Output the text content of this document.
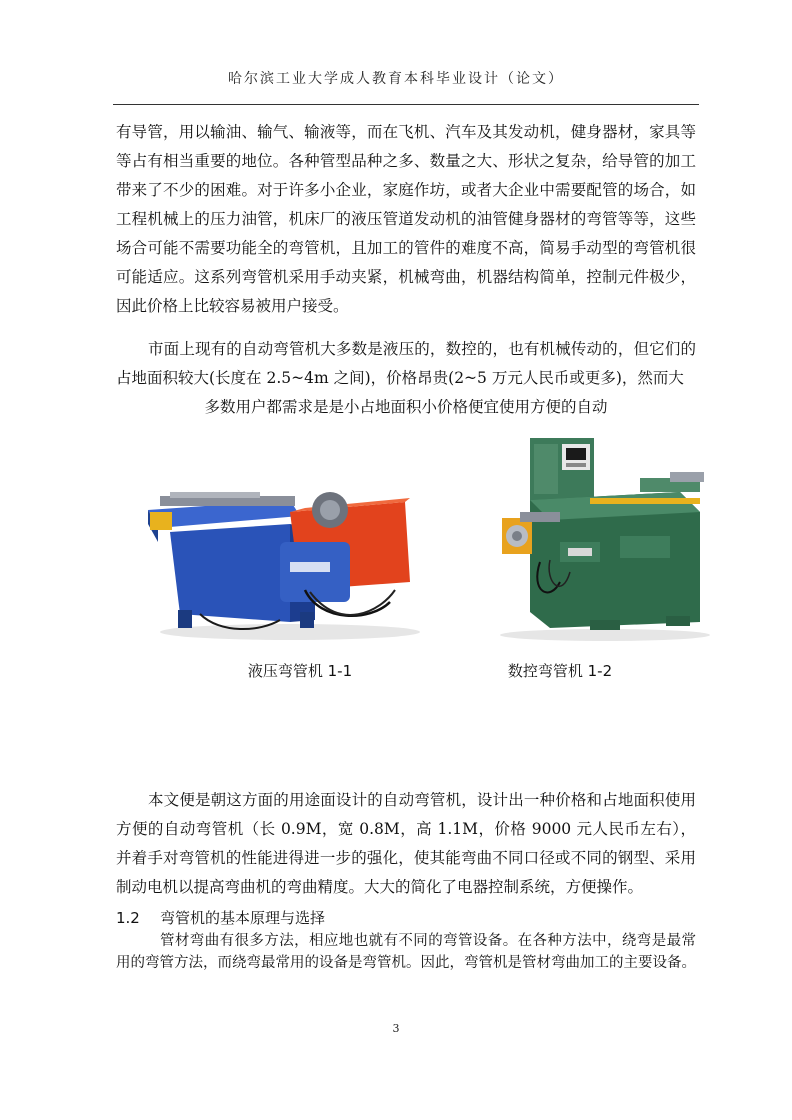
哈尔滨工业大学成人教育本科毕业设计（论文）

有导管，用以输油、输气、输液等，而在飞机、汽车及其发动机，健身器材，家具等等占有相当重要的地位。各种管型品种之多、数量之大、形状之复杂，给导管的加工带来了不少的困难。对于许多小企业，家庭作坊，或者大企业中需要配管的场合，如工程机械上的压力油管，机床厂的液压管道发动机的油管健身器材的弯管等等，这些场合可能不需要功能全的弯管机，且加工的管件的难度不高，简易手动型的弯管机很可能适应。这系列弯管机采用手动夹紧，机械弯曲，机器结构简单，控制元件极少，因此价格上比较容易被用户接受。

市面上现有的自动弯管机大多数是液压的，数控的，也有机械传动的，但它们的占地面积较大(长度在 2.5~4m 之间)，价格昂贵(2~5 万元人民币或更多)，然而大

多数用户都需求是是小占地面积小价格便宜使用方便的自动

液压弯管机 1-1	数控弯管机 1-2

本文便是朝这方面的用途面设计的自动弯管机，设计出一种价格和占地面积使用方便的自动弯管机（长 0.9M，宽 0.8M，高 1.1M，价格 9000 元人民币左右），并着手对弯管机的性能进得进一步的强化，使其能弯曲不同口径或不同的钢型、采用制动电机以提高弯曲机的弯曲精度。大大的简化了电器控制系统，方便操作。

1.2 弯管机的基本原理与选择

管材弯曲有很多方法，相应地也就有不同的弯管设备。在各种方法中，绕弯是最常用的弯管方法，而绕弯最常用的设备是弯管机。因此，弯管机是管材弯曲加工的主要设备。

3
